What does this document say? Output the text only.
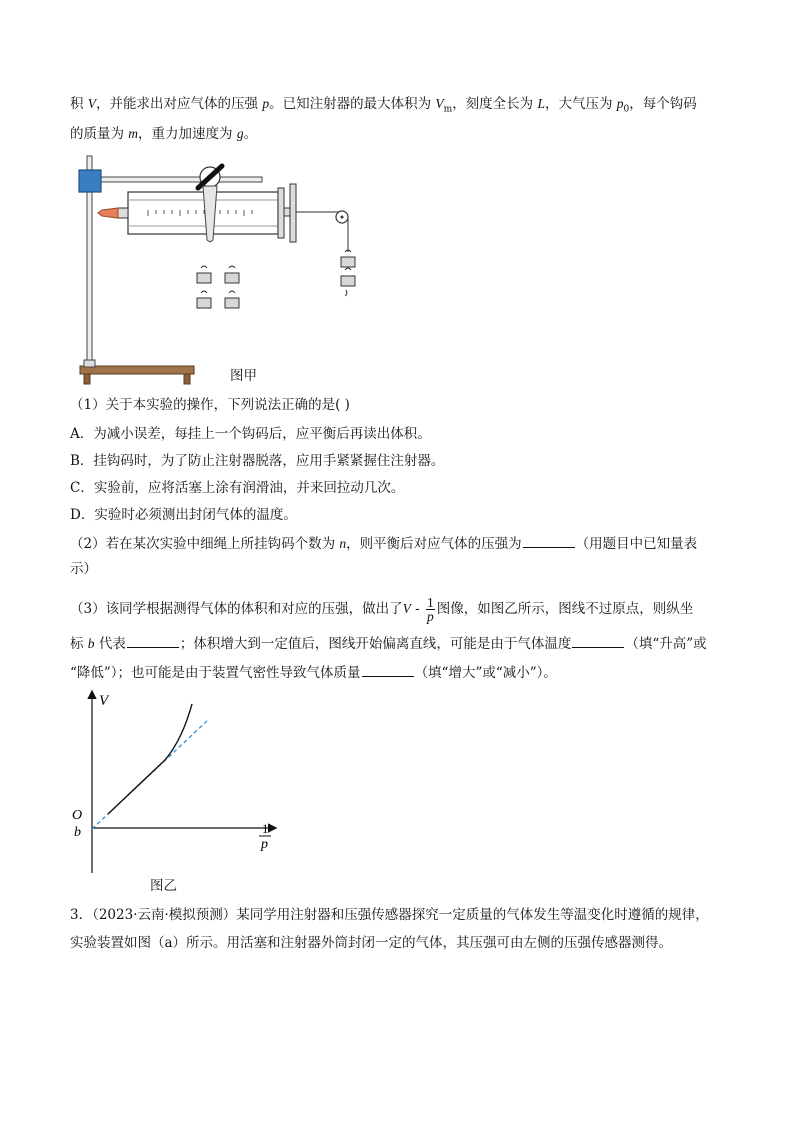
积 V，并能求出对应气体的压强 p。已知注射器的最大体积为 $V_m$，刻度全长为 L，大气压为 $p_0$，每个钩码
的质量为 m，重力加速度为 g。
图甲
（1）关于本实验的操作，下列说法正确的是( )
A．为减小误差，每挂上一个钩码后，应平衡后再读出体积。
B．挂钩码时，为了防止注射器脱落，应用手紧紧握住注射器。
C．实验前，应将活塞上涂有润滑油，并来回拉动几次。
D．实验时必须测出封闭气体的温度。
（2）若在某次实验中细绳上所挂钩码个数为 n，则平衡后对应气体的压强为	（用题目中已知量表
示）
（3）该同学根据测得气体的体积和对应的压强，做出了V - $\frac{1}{p}$ 图像，如图乙所示，图线不过原点，则纵坐
标 b 代表	；体积增大到一定值后，图线开始偏离直线，可能是由于气体温度	（填“升高”或
“降低”）；也可能是由于装置气密性导致气体质量	（填“增大”或“减小”）。
V
O
b	1
p
图乙
3．（2023·云南·模拟预测）某同学用注射器和压强传感器探究一定质量的气体发生等温变化时遵循的规律，
实验装置如图（a）所示。用活塞和注射器外筒封闭一定的气体，其压强可由左侧的压强传感器测得。
